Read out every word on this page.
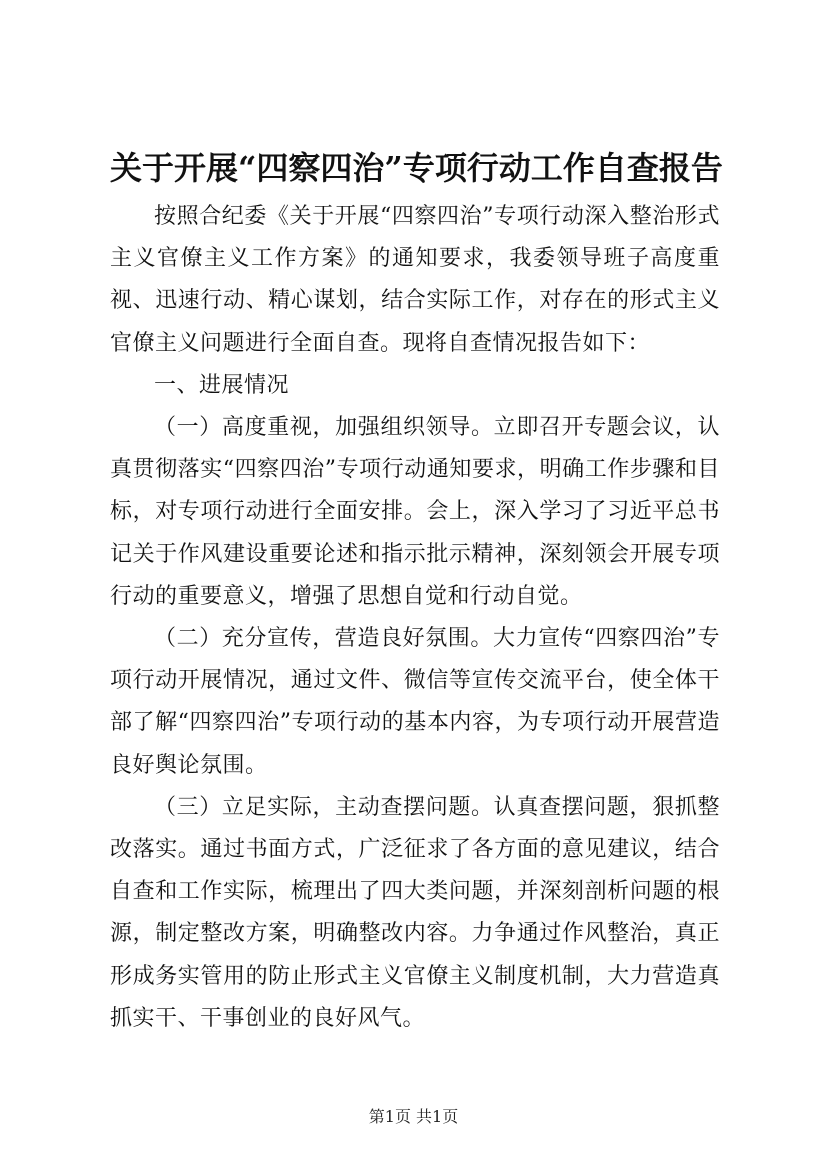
关于开展“四察四治”专项行动工作自查报告

按照合纪委《关于开展“四察四治”专项行动深入整治形式主义官僚主义工作方案》的通知要求，我委领导班子高度重视、迅速行动、精心谋划，结合实际工作，对存在的形式主义官僚主义问题进行全面自查。现将自查情况报告如下：

一、进展情况

（一）高度重视，加强组织领导。立即召开专题会议，认真贯彻落实“四察四治”专项行动通知要求，明确工作步骤和目标，对专项行动进行全面安排。会上，深入学习了习近平总书记关于作风建设重要论述和指示批示精神，深刻领会开展专项行动的重要意义，增强了思想自觉和行动自觉。

（二）充分宣传，营造良好氛围。大力宣传“四察四治”专项行动开展情况，通过文件、微信等宣传交流平台，使全体干部了解“四察四治”专项行动的基本内容，为专项行动开展营造良好舆论氛围。

（三）立足实际，主动查摆问题。认真查摆问题，狠抓整改落实。通过书面方式，广泛征求了各方面的意见建议，结合自查和工作实际，梳理出了四大类问题，并深刻剖析问题的根源，制定整改方案，明确整改内容。力争通过作风整治，真正形成务实管用的防止形式主义官僚主义制度机制，大力营造真抓实干、干事创业的良好风气。

第1页 共1页
